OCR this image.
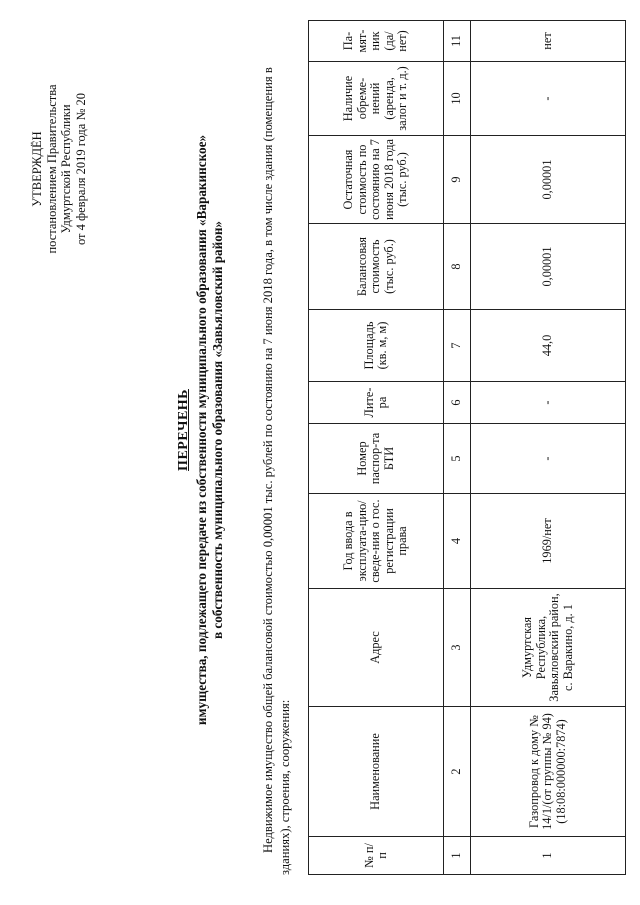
УТВЕРЖДЁН постановлением Правительства Удмуртской Республики от 4 февраля 2019 года № 20
ПЕРЕЧЕНЬ имущества, подлежащего передаче из собственности муниципального образования «Варакинское» в собственность муниципального образования «Завьяловский район»	Недвижимое имущество общей балансовой стоимостью 0,00001 тыс. рублей по состоянию на 7 июня 2018 года, в том числе здания (помещения в зданиях), строения, сооружения:	№ п/п	Наименование	Адрес	Год ввода в эксплуата-цию/сведе-ния о гос. регистрации права	Номер паспор-та БТИ	Лите-ра	Площадь (кв. м, м)	Балансовая стоимость (тыс. руб.)	Остаточная стоимость по состоянию на 7 июня 2018 года (тыс. руб.)	Наличие обреме-нений (аренда, залог и т. д.)	Па-мят-ник (да/ нет)
1	2	3	4	5	6	7	8	9	10	11
1	Газопровод к дому № 14/1/(от группы № 94) (18:08:000000:7874)	Удмуртская Республика, Завьяловский район, с. Варакино, д. 1	1969/нет	-	-	44,0	0,00001	0,00001	-	нет
